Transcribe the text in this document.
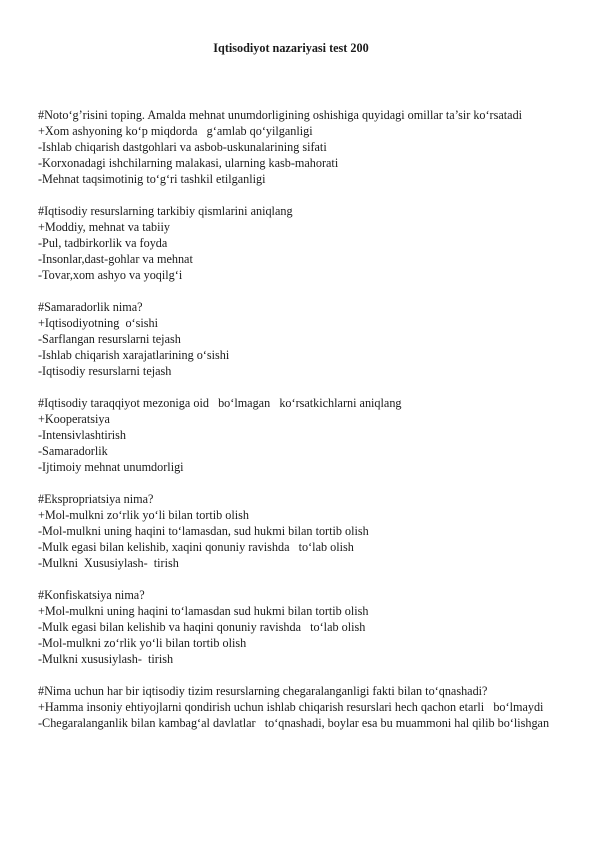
Iqtisodiyot nazariyasi test 200
#Noto‘g’risini toping. Amalda mehnat unumdorligining oshishiga quyidagi omillar ta’sir ko‘rsatadi
+Xom ashyoning ko‘p miqdorda   g‘amlab qo‘yilganligi
-Ishlab chiqarish dastgohlari va asbob-uskunalarining sifati
-Korxonadagi ishchilarning malakasi, ularning kasb-mahorati
-Mehnat taqsimotinig to‘g‘ri tashkil etilganligi
#Iqtisodiy resurslarning tarkibiy qismlarini aniqlang
+Moddiy, mehnat va tabiiy
-Pul, tadbirkorlik va foyda
-Insonlar,dast-gohlar va mehnat
-Tovar,xom ashyo va yoqilg‘i
#Samaradorlik nima?
+Iqtisodiyotning  o‘sishi
-Sarflangan resurslarni tejash
-Ishlab chiqarish xarajatlarining o‘sishi
-Iqtisodiy resurslarni tejash
#Iqtisodiy taraqqiyot mezoniga oid   bo‘lmagan   ko‘rsatkichlarni aniqlang
+Kooperatsiya
-Intensivlashtirish
-Samaradorlik
-Ijtimoiy mehnat unumdorligi
#Ekspropriatsiya nima?
+Mol-mulkni zo‘rlik yo‘li bilan tortib olish
-Mol-mulkni uning haqini to‘lamasdan, sud hukmi bilan tortib olish
-Mulk egasi bilan kelishib, xaqini qonuniy ravishda   to‘lab olish
-Mulkni  Xususiylash-  tirish
#Konfiskatsiya nima?
+Mol-mulkni uning haqini to‘lamasdan sud hukmi bilan tortib olish
-Mulk egasi bilan kelishib va haqini qonuniy ravishda   to‘lab olish
-Mol-mulkni zo‘rlik yo‘li bilan tortib olish
-Mulkni xususiylash-  tirish
#Nima uchun har bir iqtisodiy tizim resurslarning chegaralanganligi fakti bilan to‘qnashadi?
+Hamma insoniy ehtiyojlarni qondirish uchun ishlab chiqarish resurslari hech qachon etarli   bo‘lmaydi
-Chegaralanganlik bilan kambag‘al davlatlar   to‘qnashadi, boylar esa bu muammoni hal qilib bo‘lishgan
